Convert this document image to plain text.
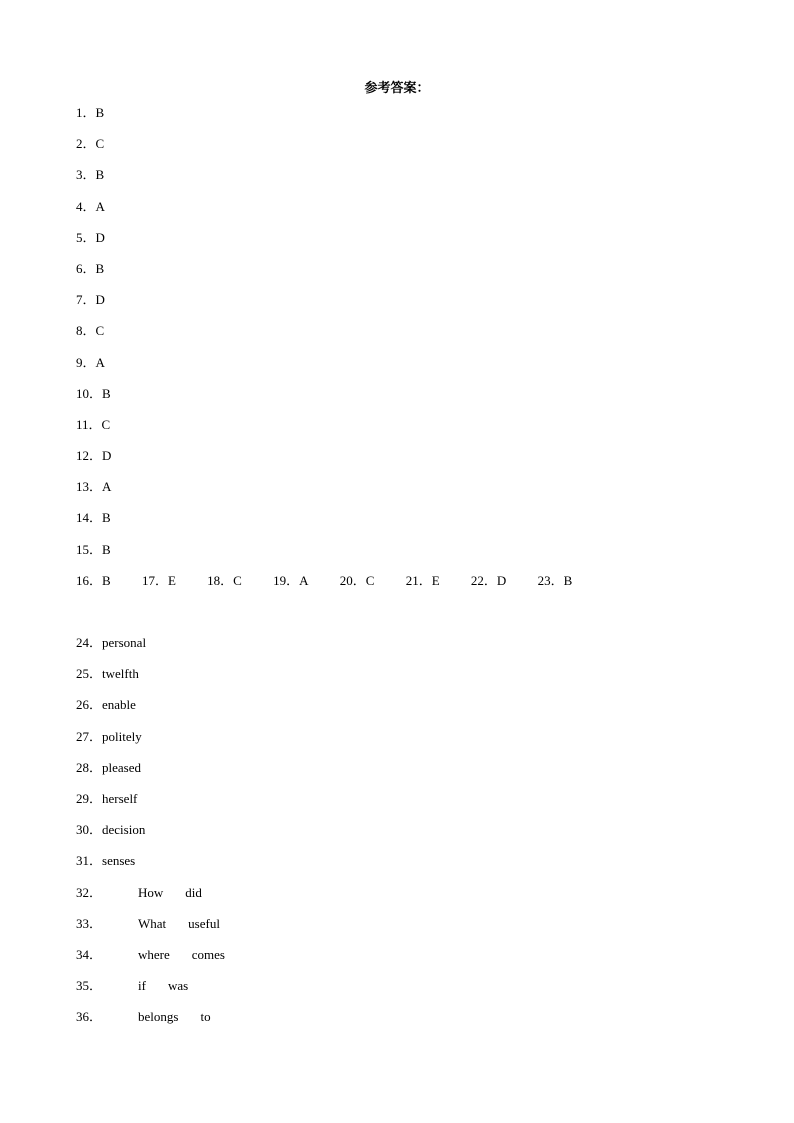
参考答案：
1．B
2．C
3．B
4．A
5．D
6．B
7．D
8．C
9．A
10．B
11．C
12．D
13．A
14．B
15．B
16．B 17．E 18．C 19．A 20．C 21．E 22．D 23．B
24．personal
25．twelfth
26．enable
27．politely
28．pleased
29．herself
30．decision
31．senses
32．	How did
33．	What useful
34．	where comes
35．	if was
36．	belongs to
